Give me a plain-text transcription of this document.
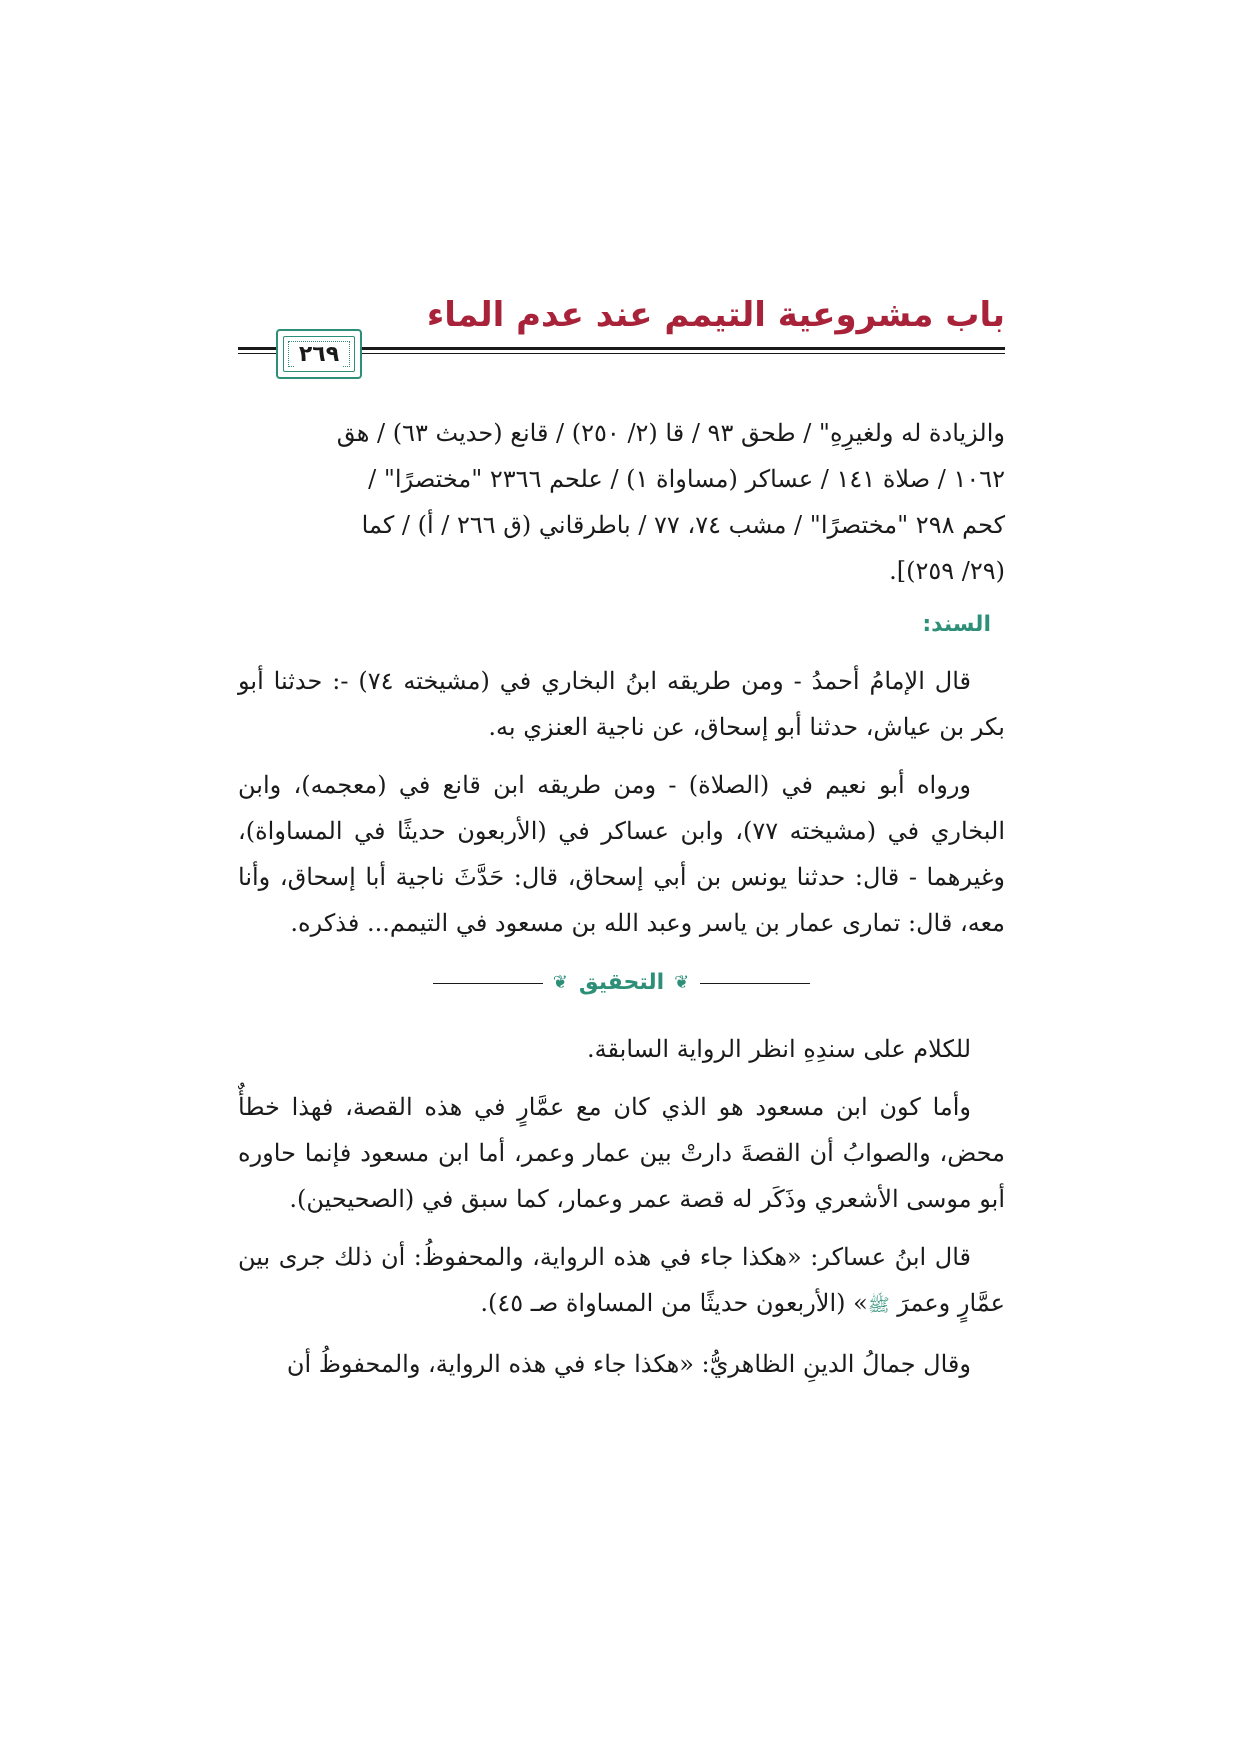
باب مشروعية التيمم عند عدم الماء
٢٦٩
والزيادة له ولغيرِهِ" / طحق ٩٣ / قا (٢/ ٢٥٠) / قانع (حديث ٦٣) / هق
١٠٦٢ / صلاة ١٤١ / عساكر (مساواة ١) / علحم ٢٣٦٦ "مختصرًا" /
كحم ٢٩٨ "مختصرًا" / مشب ٧٤، ٧٧ / باطرقاني (ق ٢٦٦ / أ) / كما
(٢٩/ ٢٥٩)].
السند:

قال الإمامُ أحمدُ - ومن طريقه ابنُ البخاري في (مشيخته ٧٤) -: حدثنا أبو بكر بن عياش، حدثنا أبو إسحاق، عن ناجية العنزي به.

ورواه أبو نعيم في (الصلاة) - ومن طريقه ابن قانع في (معجمه)، وابن البخاري في (مشيخته ٧٧)، وابن عساكر في (الأربعون حديثًا في المساواة)، وغيرهما - قال: حدثنا يونس بن أبي إسحاق، قال: حَدَّثَ ناجية أبا إسحاق، وأنا معه، قال: تمارى عمار بن ياسر وعبد الله بن مسعود في التيمم... فذكره.

❦
التحقيق
❦

للكلام على سندِهِ انظر الرواية السابقة.

وأما كون ابن مسعود هو الذي كان مع عمَّارٍ في هذه القصة، فهذا خطأٌ محض، والصوابُ أن القصةَ دارتْ بين عمار وعمر، أما ابن مسعود فإنما حاوره أبو موسى الأشعري وذَكَر له قصة عمر وعمار، كما سبق في (الصحيحين).

قال ابنُ عساكر: «هكذا جاء في هذه الرواية، والمحفوظُ: أن ذلك جرى بين عمَّارٍ وعمرَ ﷺ» (الأربعون حديثًا من المساواة صـ ٤٥).

وقال جمالُ الدينِ الظاهريُّ: «هكذا جاء في هذه الرواية، والمحفوظُ أن
